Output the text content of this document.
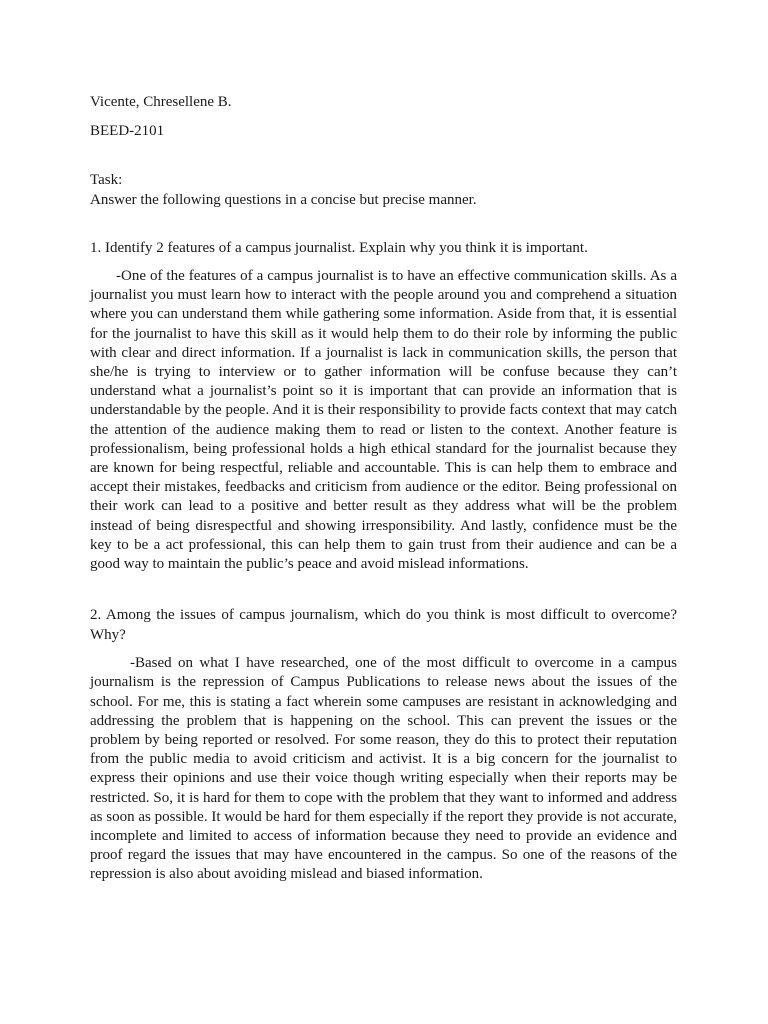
Vicente, Chresellene B.

BEED-2101

Task:

Answer the following questions in a concise but precise manner.

1. Identify 2 features of a campus journalist. Explain why you think it is important.

-One of the features of a campus journalist is to have an effective communication skills. As a journalist you must learn how to interact with the people around you and comprehend a situation where you can understand them while gathering some information. Aside from that, it is essential for the journalist to have this skill as it would help them to do their role by informing the public with clear and direct information. If a journalist is lack in communication skills, the person that she/he is trying to interview or to gather information will be confuse because they can’t understand what a journalist’s point so it is important that can provide an information that is understandable by the people. And it is their responsibility to provide facts context that may catch the attention of the audience making them to read or listen to the context. Another feature is professionalism, being professional holds a high ethical standard for the journalist because they are known for being respectful, reliable and accountable. This is can help them to embrace and accept their mistakes, feedbacks and criticism from audience or the editor. Being professional on their work can lead to a positive and better result as they address what will be the problem instead of being disrespectful and showing irresponsibility. And lastly, confidence must be the key to be a act professional, this can help them to gain trust from their audience and can be a good way to maintain the public’s peace and avoid mislead informations.

2. Among the issues of campus journalism, which do you think is most difficult to overcome? Why?

-Based on what I have researched, one of the most difficult to overcome in a campus journalism is the repression of Campus Publications to release news about the issues of the school. For me, this is stating a fact wherein some campuses are resistant in acknowledging and addressing the problem that is happening on the school. This can prevent the issues or the problem by being reported or resolved. For some reason, they do this to protect their reputation from the public media to avoid criticism and activist. It is a big concern for the journalist to express their opinions and use their voice though writing especially when their reports may be restricted. So, it is hard for them to cope with the problem that they want to informed and address as soon as possible. It would be hard for them especially if the report they provide is not accurate, incomplete and limited to access of information because they need to provide an evidence and proof regard the issues that may have encountered in the campus. So one of the reasons of the repression is also about avoiding mislead and biased information.
